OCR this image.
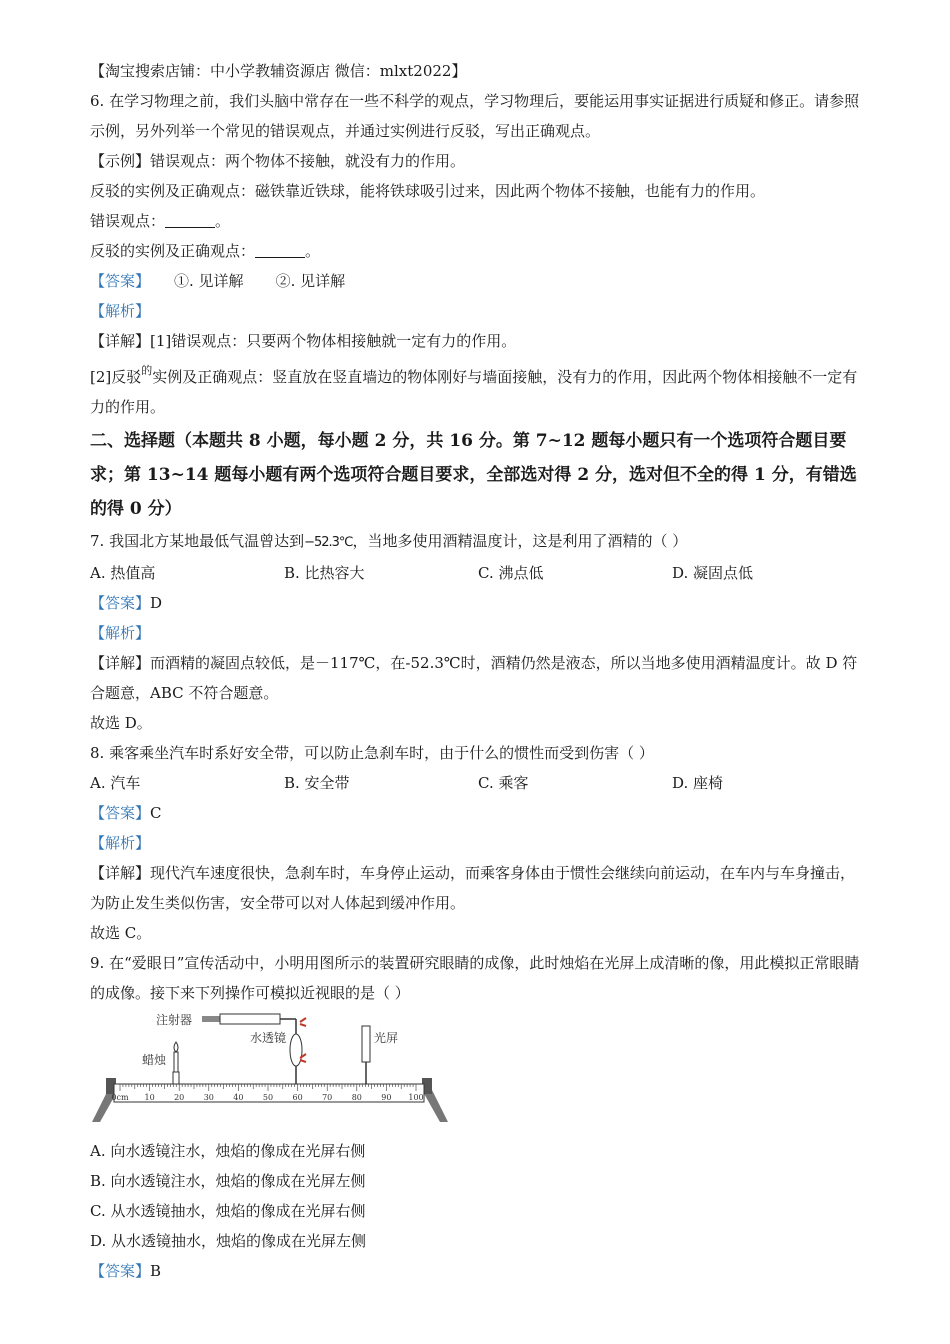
【淘宝搜索店铺：中小学教辅资源店 微信：mlxt2022】

6. 在学习物理之前，我们头脑中常存在一些不科学的观点，学习物理后，要能运用事实证据进行质疑和修正。请参照示例，另外列举一个常见的错误观点，并通过实例进行反驳，写出正确观点。

【示例】错误观点：两个物体不接触，就没有力的作用。

反驳的实例及正确观点：磁铁靠近铁球，能将铁球吸引过来，因此两个物体不接触，也能有力的作用。

错误观点：	。

反驳的实例及正确观点：	。

【答案】 ①. 见详解 ②. 见详解

【解析】

【详解】[1]错误观点：只要两个物体相接触就一定有力的作用。

[2]反驳$^的$实例及正确观点：竖直放在竖直墙边的物体刚好与墙面接触，没有力的作用，因此两个物体相接触不一定有力的作用。

二、选择题（本题共 8 小题，每小题 2 分，共 16 分。第 7~12 题每小题只有一个选项符合题目要求；第 13~14 题每小题有两个选项符合题目要求，全部选对得 2 分，选对但不全的得 1 分，有错选的得 0 分）

7. 我国北方某地最低气温曾达到−52.3℃，当地多使用酒精温度计，这是利用了酒精的（ ）

A. 热值高	B. 比热容大	C. 沸点低	D. 凝固点低

【答案】D

【解析】

【详解】而酒精的凝固点较低，是－117℃，在-52.3℃时，酒精仍然是液态，所以当地多使用酒精温度计。故 D 符合题意，ABC 不符合题意。

故选 D。

8. 乘客乘坐汽车时系好安全带，可以防止急刹车时，由于什么的惯性而受到伤害（ ）

A. 汽车	B. 安全带	C. 乘客	D. 座椅

【答案】C

【解析】

【详解】现代汽车速度很快，急刹车时，车身停止运动，而乘客身体由于惯性会继续向前运动，在车内与车身撞击，为防止发生类似伤害，安全带可以对人体起到缓冲作用。

故选 C。

9. 在“爱眼日”宣传活动中，小明用图所示的装置研究眼睛的成像，此时烛焰在光屏上成清晰的像，用此模拟正常眼睛的成像。接下来下列操作可模拟近视眼的是（ ）

0cm 10 20 30 40 50 60 70 80 90 100
蜡烛
注射器
水透镜	光屏

A. 向水透镜注水，烛焰的像成在光屏右侧

B. 向水透镜注水，烛焰的像成在光屏左侧

C. 从水透镜抽水，烛焰的像成在光屏右侧

D. 从水透镜抽水，烛焰的像成在光屏左侧

【答案】B
